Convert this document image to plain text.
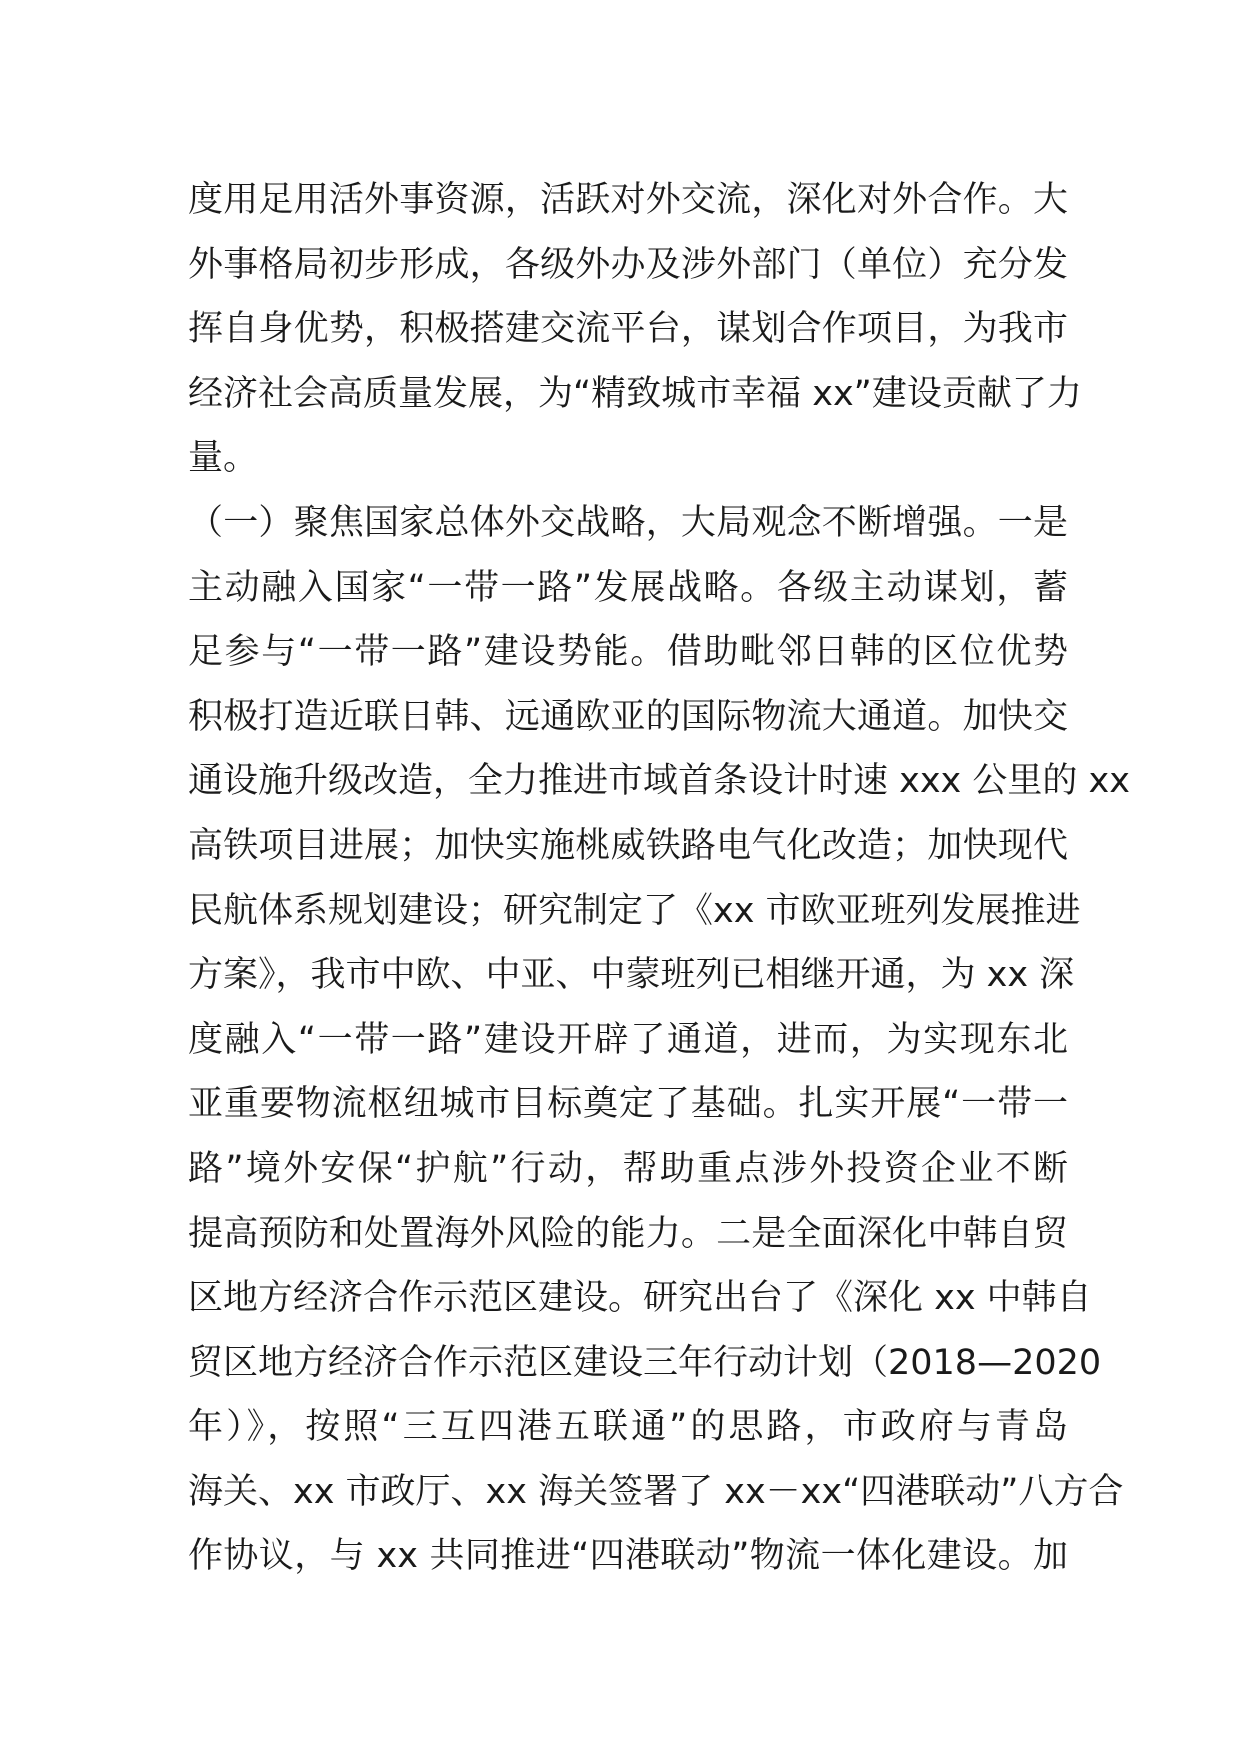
度用足用活外事资源，活跃对外交流，深化对外合作。大
外事格局初步形成，各级外办及涉外部门（单位）充分发
挥自身优势，积极搭建交流平台，谋划合作项目，为我市
经济社会高质量发展，为“精致城市幸福 xx”建设贡献了力
量。
（一）聚焦国家总体外交战略，大局观念不断增强。一是
主动融入国家“一带一路”发展战略。各级主动谋划，蓄
足参与“一带一路”建设势能。借助毗邻日韩的区位优势
积极打造近联日韩、远通欧亚的国际物流大通道。加快交
通设施升级改造，全力推进市域首条设计时速 xxx 公里的 xx
高铁项目进展；加快实施桃威铁路电气化改造；加快现代
民航体系规划建设；研究制定了《xx 市欧亚班列发展推进
方案》，我市中欧、中亚、中蒙班列已相继开通，为 xx 深
度融入“一带一路”建设开辟了通道，进而，为实现东北
亚重要物流枢纽城市目标奠定了基础。扎实开展“一带一
路”境外安保“护航”行动，帮助重点涉外投资企业不断
提高预防和处置海外风险的能力。二是全面深化中韩自贸
区地方经济合作示范区建设。研究出台了《深化 xx 中韩自
贸区地方经济合作示范区建设三年行动计划（2018—2020
年）》，按照“三互四港五联通”的思路，市政府与青岛
海关、xx 市政厅、xx 海关签署了 xx－xx“四港联动”八方合
作协议，与 xx 共同推进“四港联动”物流一体化建设。加
